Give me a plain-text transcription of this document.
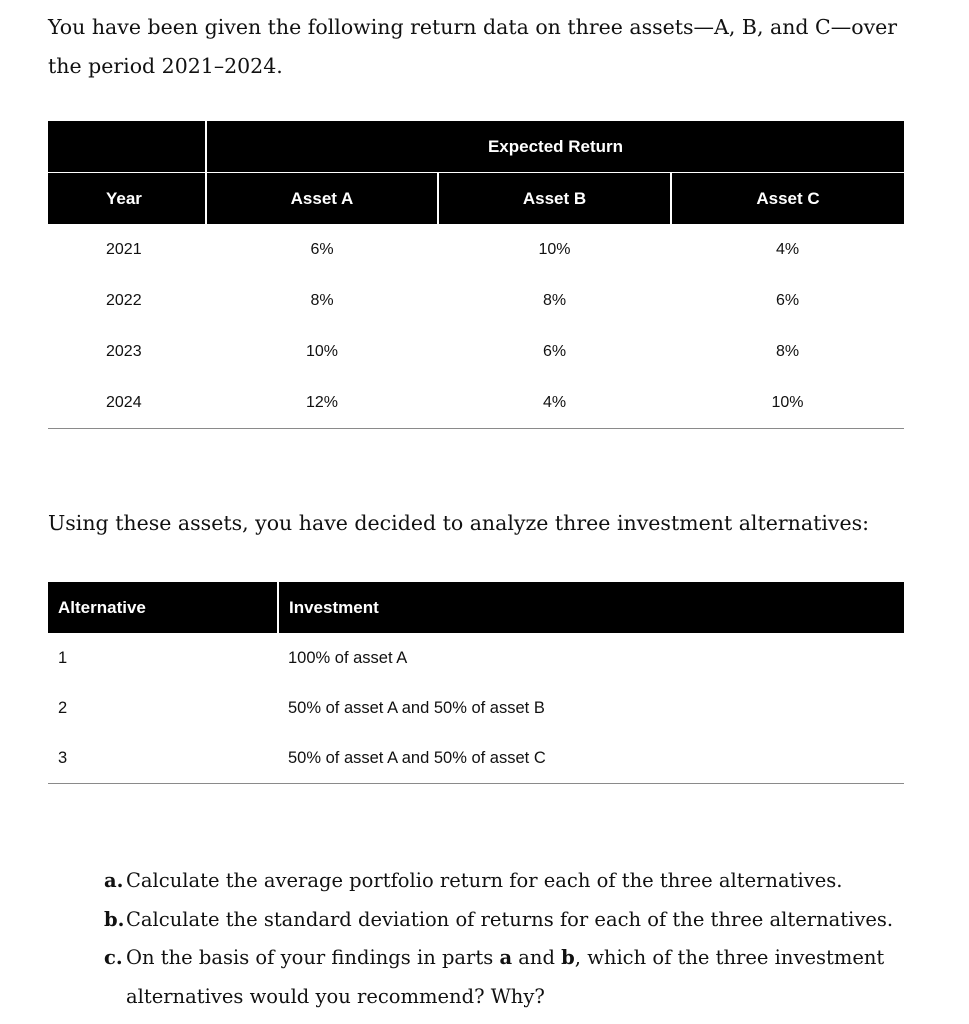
You have been given the following return data on three assets—A, B, and C—over the period 2021–2024.

	Expected Return		
Year	Asset A	Asset B	Asset C
2021	6%	10%	4%
2022	8%	8%	6%
2023	10%	6%	8%
2024	12%	4%	10%

Using these assets, you have decided to analyze three investment alternatives:

Alternative	Investment
1	100% of asset A
2	50% of asset A and 50% of asset B
3	50% of asset A and 50% of asset C
a. Calculate the average portfolio return for each of the three alternatives.
b. Calculate the standard deviation of returns for each of the three alternatives.
c. On the basis of your findings in parts a and b, which of the three investment alternatives would you recommend? Why?
